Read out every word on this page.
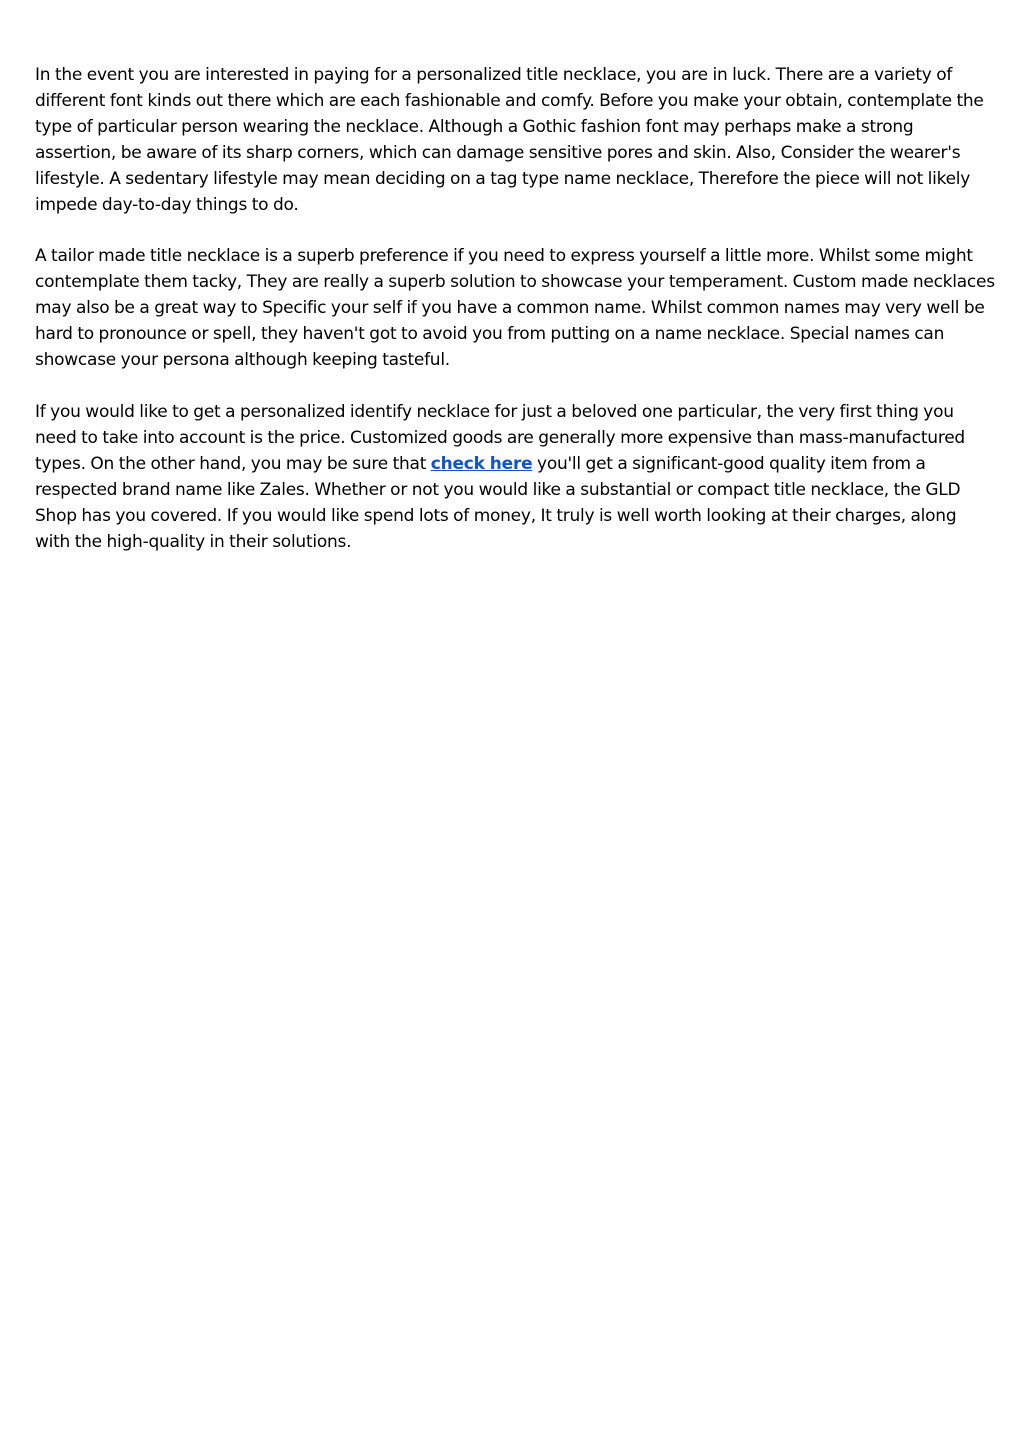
In the event you are interested in paying for a personalized title necklace, you are in luck. There are a variety of different font kinds out there which are each fashionable and comfy. Before you make your obtain, contemplate the type of particular person wearing the necklace. Although a Gothic fashion font may perhaps make a strong assertion, be aware of its sharp corners, which can damage sensitive pores and skin. Also, Consider the wearer's lifestyle. A sedentary lifestyle may mean deciding on a tag type name necklace, Therefore the piece will not likely impede day-to-day things to do.

A tailor made title necklace is a superb preference if you need to express yourself a little more. Whilst some might contemplate them tacky, They are really a superb solution to showcase your temperament. Custom made necklaces may also be a great way to Specific your self if you have a common name. Whilst common names may very well be hard to pronounce or spell, they haven't got to avoid you from putting on a name necklace. Special names can showcase your persona although keeping tasteful.

If you would like to get a personalized identify necklace for just a beloved one particular, the very first thing you need to take into account is the price. Customized goods are generally more expensive than mass-manufactured types. On the other hand, you may be sure that check here you'll get a significant-good quality item from a respected brand name like Zales. Whether or not you would like a substantial or compact title necklace, the GLD Shop has you covered. If you would like spend lots of money, It truly is well worth looking at their charges, along with the high-quality in their solutions.
